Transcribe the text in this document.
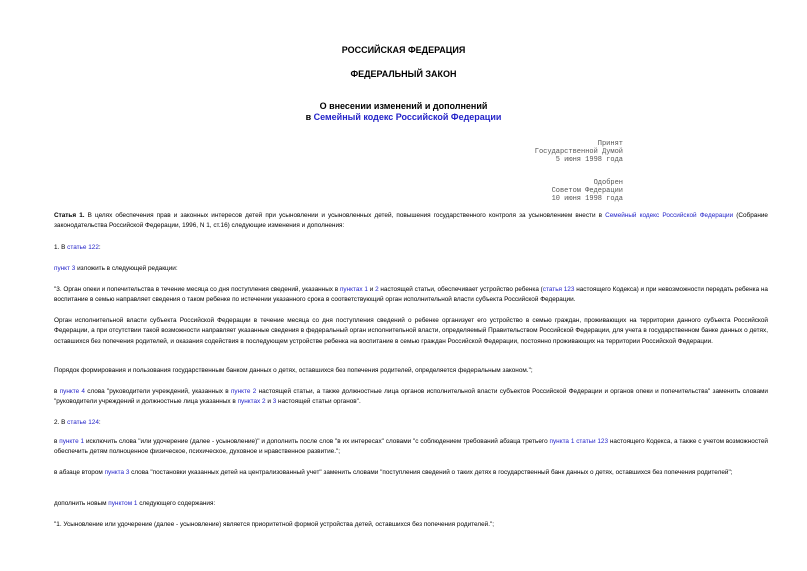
РОССИЙСКАЯ ФЕДЕРАЦИЯ
ФЕДЕРАЛЬНЫЙ ЗАКОН
О внесении изменений и дополнений
в Семейный кодекс Российской Федерации
Принят
Государственной Думой
5 июня 1998 года
Одобрен
Советом Федерации
10 июня 1998 года
Статья 1. В целях обеспечения прав и законных интересов детей при усыновлении и усыновленных детей, повышения государственного контроля за усыновлением внести в Семейный кодекс Российской Федерации (Собрание законодательства Российской Федерации, 1996, N 1, ст.16) следующие изменения и дополнения:
1. В статье 122:
пункт 3 изложить в следующей редакции:
"3. Орган опеки и попечительства в течение месяца со дня поступления сведений, указанных в пунктах 1 и 2 настоящей статьи, обеспечивает устройство ребенка (статья 123 настоящего Кодекса) и при невозможности передать ребенка на воспитание в семью направляет сведения о таком ребенке по истечении указанного срока в соответствующий орган исполнительной власти субъекта Российской Федерации.
Орган исполнительной власти субъекта Российской Федерации в течение месяца со дня поступления сведений о ребенке организует его устройство в семью граждан, проживающих на территории данного субъекта Российской Федерации, а при отсутствии такой возможности направляет указанные сведения в федеральный орган исполнительной власти, определяемый Правительством Российской Федерации, для учета в государственном банке данных о детях, оставшихся без попечения родителей, и оказания содействия в последующем устройстве ребенка на воспитание в семью граждан Российской Федерации, постоянно проживающих на территории Российской Федерации.
Порядок формирования и пользования государственным банком данных о детях, оставшихся без попечения родителей, определяется федеральным законом.";
в пункте 4 слова "руководители учреждений, указанных в пункте 2 настоящей статьи, а также должностные лица органов исполнительной власти субъектов Российской Федерации и органов опеки и попечительства" заменить словами "руководители учреждений и должностные лица указанных в пунктах 2 и 3 настоящей статьи органов".
2. В статье 124:
в пункте 1 исключить слова "или удочерение (далее - усыновление)" и дополнить после слов "в их интересах" словами "с соблюдением требований абзаца третьего пункта 1 статьи 123 настоящего Кодекса, а также с учетом возможностей обеспечить детям полноценное физическое, психическое, духовное и нравственное развитие.";
в абзаце втором пункта 3 слова "постановки указанных детей на централизованный учет" заменить словами "поступления сведений о таких детях в государственный банк данных о детях, оставшихся без попечения родителей";
дополнить новым пунктом 1 следующего содержания:
"1. Усыновление или удочерение (далее - усыновление) является приоритетной формой устройства детей, оставшихся без попечения родителей.";
